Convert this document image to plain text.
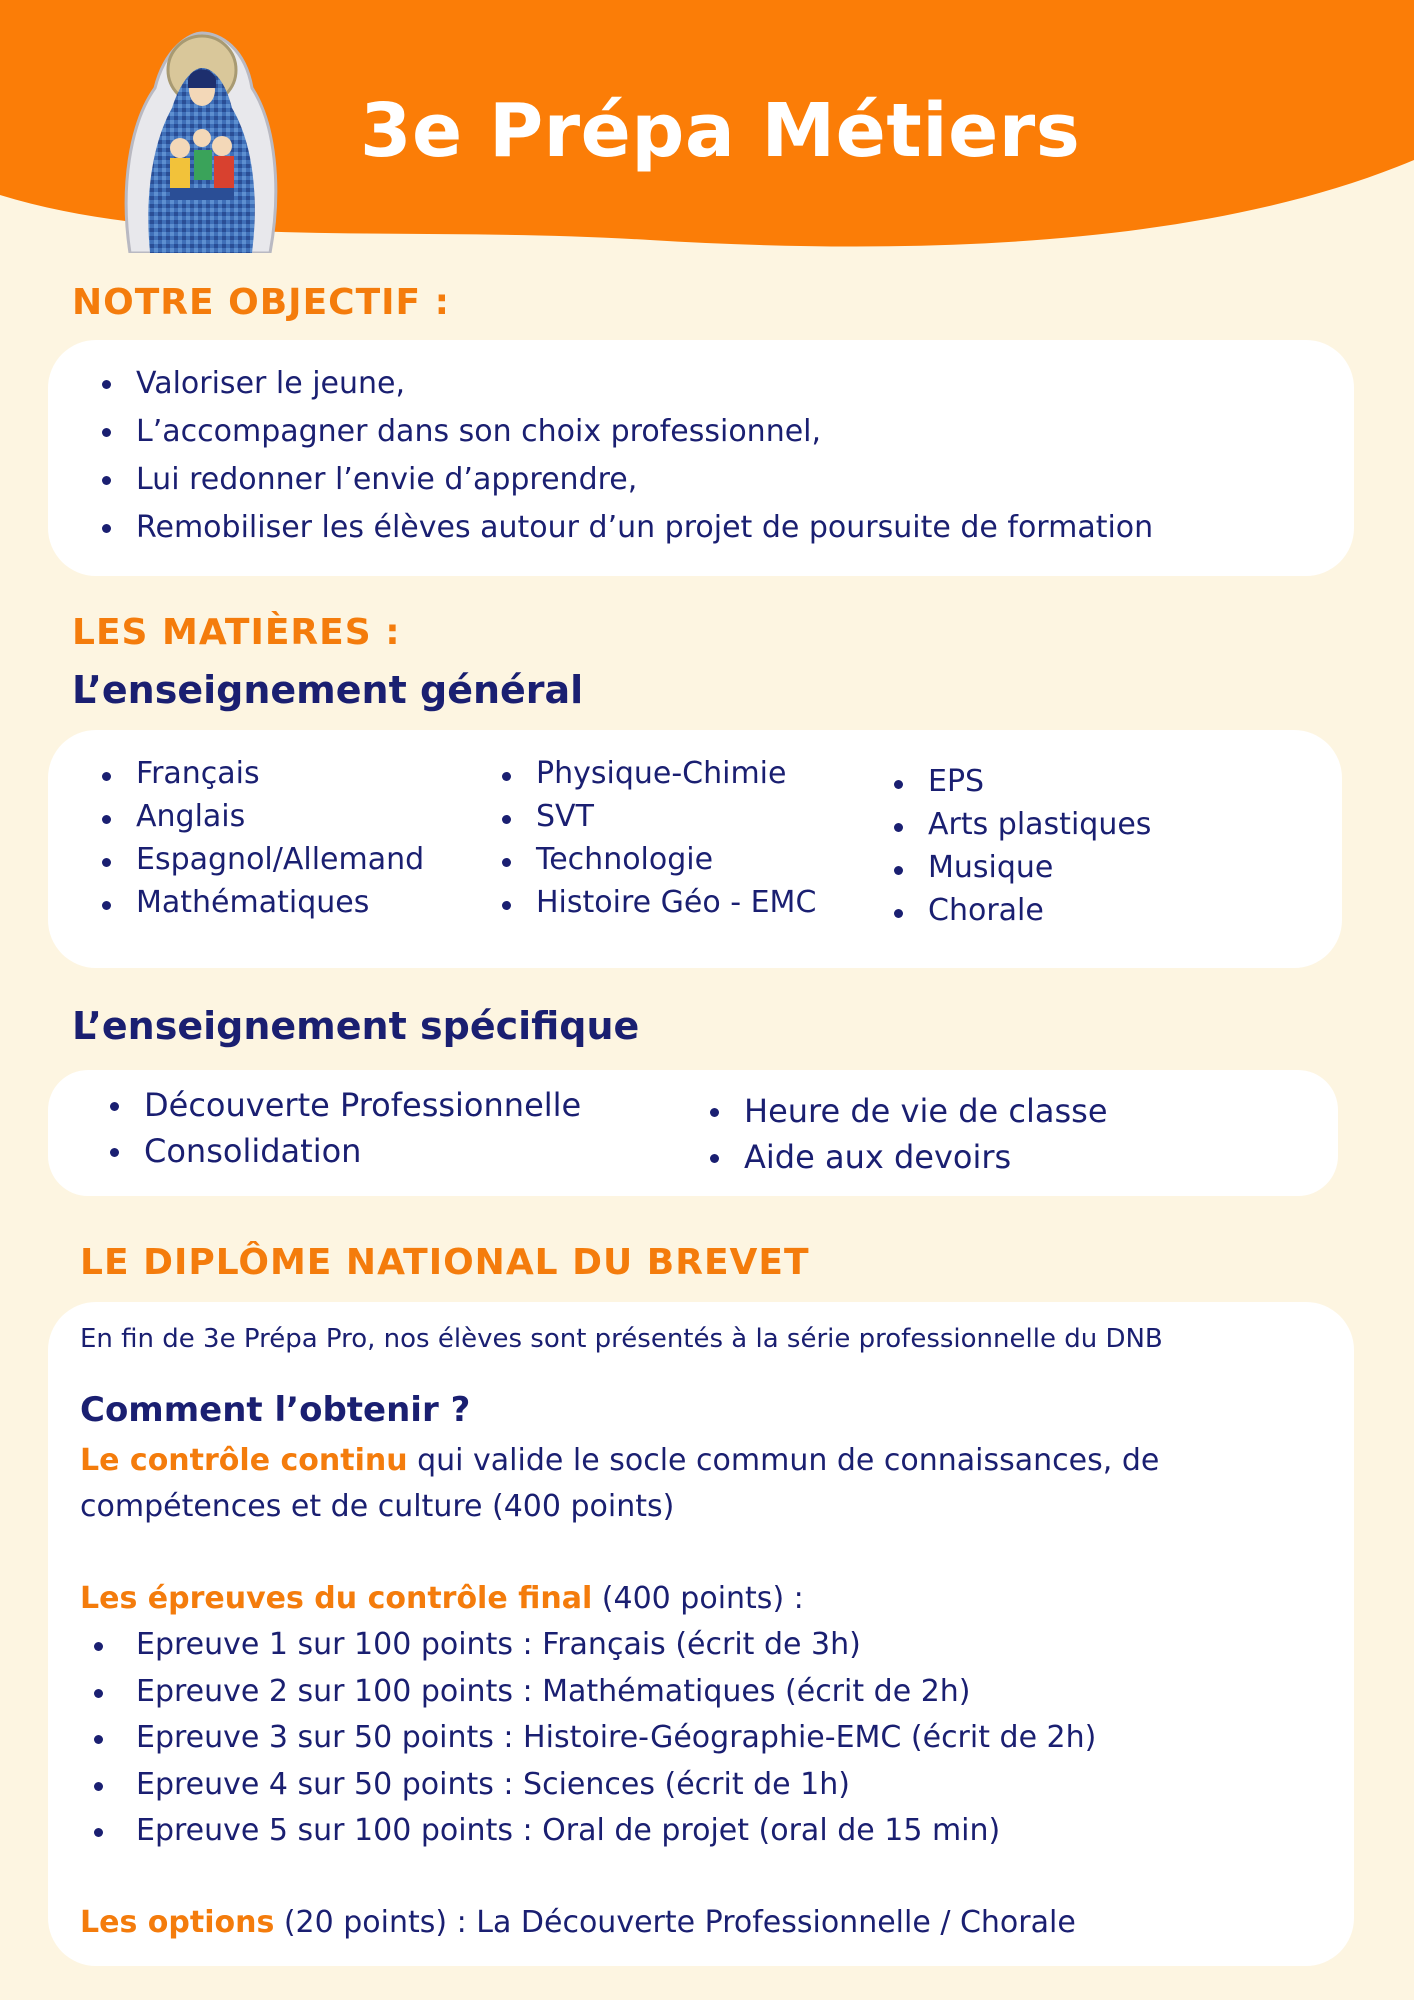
3e Prépa Métiers
NOTRE OBJECTIF :
Valoriser le jeune,
L’accompagner dans son choix professionnel,
Lui redonner l’envie d’apprendre,
Remobiliser les élèves autour d’un projet de poursuite de formation
LES MATIÈRES :
L’enseignement général
Français
Anglais
Espagnol/Allemand
Mathématiques
Physique-Chimie
SVT
Technologie
Histoire Géo - EMC
EPS
Arts plastiques
Musique
Chorale
L’enseignement spécifique
Découverte Professionnelle
Consolidation
Heure de vie de classe
Aide aux devoirs
LE DIPLÔME NATIONAL DU BREVET

En fin de 3e Prépa Pro, nos élèves sont présentés à la série professionnelle du DNB

Comment l’obtenir ?

Le contrôle continu qui valide le socle commun de connaissances, de

compétences et de culture (400 points)

Les épreuves du contrôle final (400 points) :

Epreuve 1 sur 100 points : Français (écrit de 3h)
Epreuve 2 sur 100 points : Mathématiques (écrit de 2h)
Epreuve 3 sur 50 points : Histoire-Géographie-EMC (écrit de 2h)
Epreuve 4 sur 50 points : Sciences (écrit de 1h)
Epreuve 5 sur 100 points : Oral de projet (oral de 15 min)

Les options (20 points) : La Découverte Professionnelle / Chorale
